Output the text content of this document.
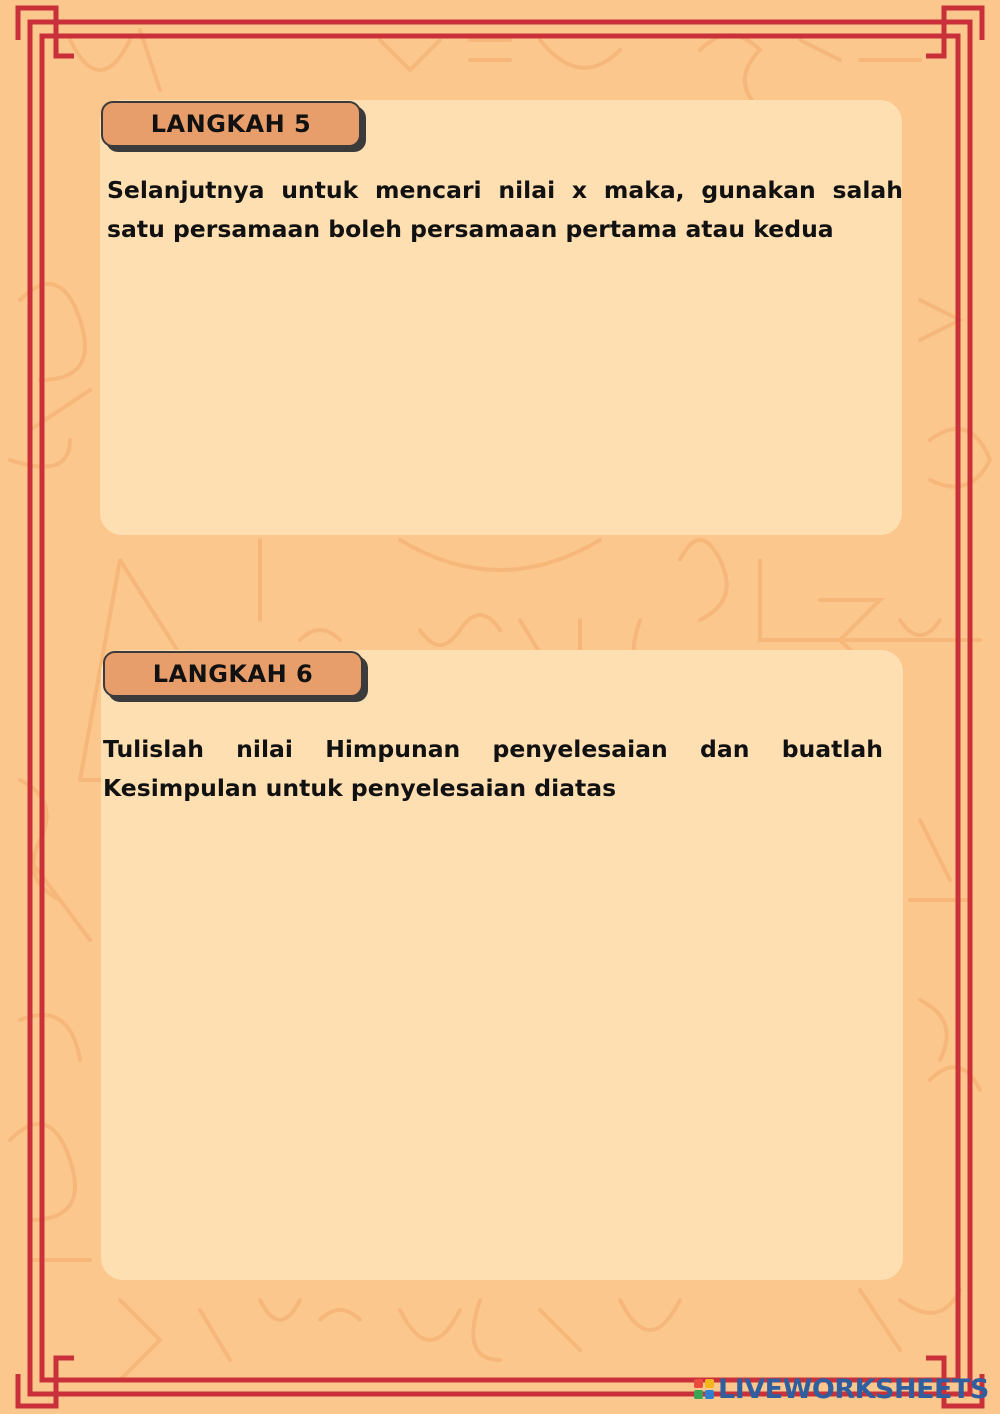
LANGKAH 5
Selanjutnya untuk mencari nilai x maka, gunakan salah satu persamaan boleh persamaan pertama atau kedua
LANGKAH 6
Tulislah nilai Himpunan penyelesaian dan buatlah Kesimpulan untuk penyelesaian diatas
LIVEWORKSHEETS
